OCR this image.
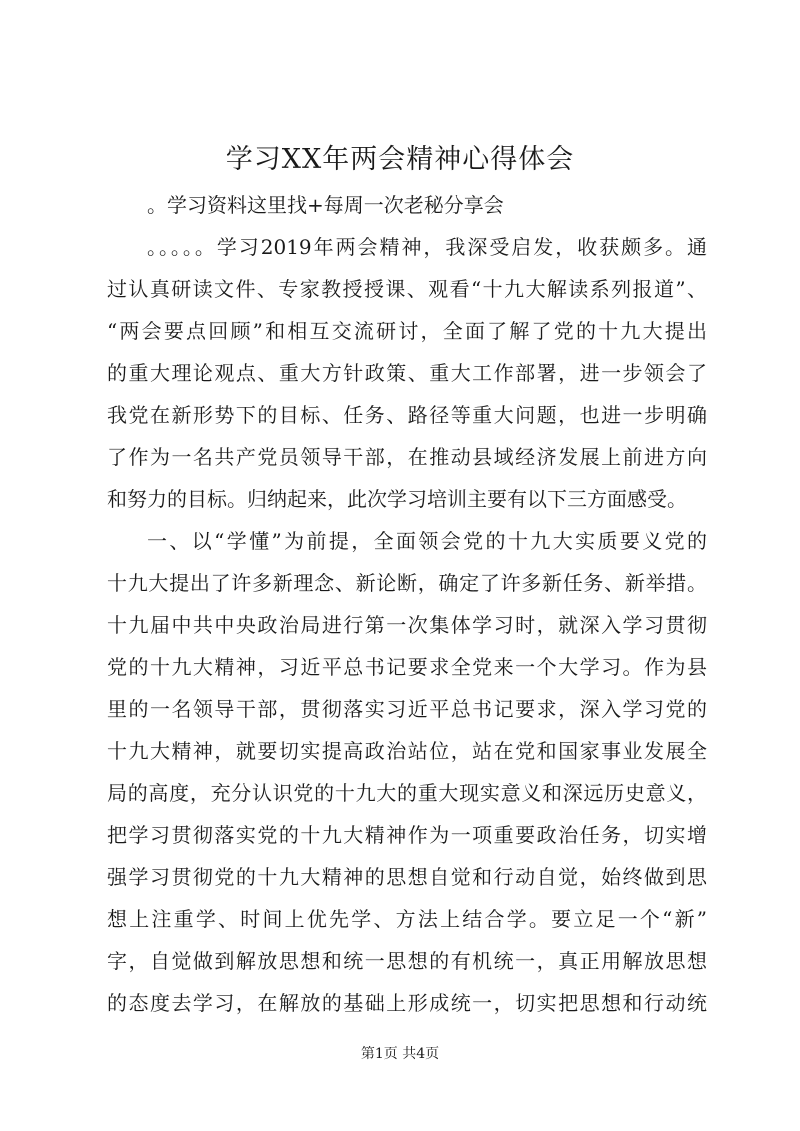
学习XX年两会精神心得体会
。学习资料这里找+每周一次老秘分享会
。。。。。学习2019年两会精神，我深受启发，收获颇多。通
过认真研读文件、专家教授授课、观看“十九大解读系列报道”、
“两会要点回顾”和相互交流研讨，全面了解了党的十九大提出
的重大理论观点、重大方针政策、重大工作部署，进一步领会了
我党在新形势下的目标、任务、路径等重大问题，也进一步明确
了作为一名共产党员领导干部，在推动县域经济发展上前进方向
和努力的目标。归纳起来，此次学习培训主要有以下三方面感受。
一、以“学懂”为前提，全面领会党的十九大实质要义党的
十九大提出了许多新理念、新论断，确定了许多新任务、新举措。
十九届中共中央政治局进行第一次集体学习时，就深入学习贯彻
党的十九大精神，习近平总书记要求全党来一个大学习。作为县
里的一名领导干部，贯彻落实习近平总书记要求，深入学习党的
十九大精神，就要切实提高政治站位，站在党和国家事业发展全
局的高度，充分认识党的十九大的重大现实意义和深远历史意义，
把学习贯彻落实党的十九大精神作为一项重要政治任务，切实增
强学习贯彻党的十九大精神的思想自觉和行动自觉，始终做到思
想上注重学、时间上优先学、方法上结合学。要立足一个“新”
字，自觉做到解放思想和统一思想的有机统一，真正用解放思想
的态度去学习，在解放的基础上形成统一，切实把思想和行动统
第1页 共4页
